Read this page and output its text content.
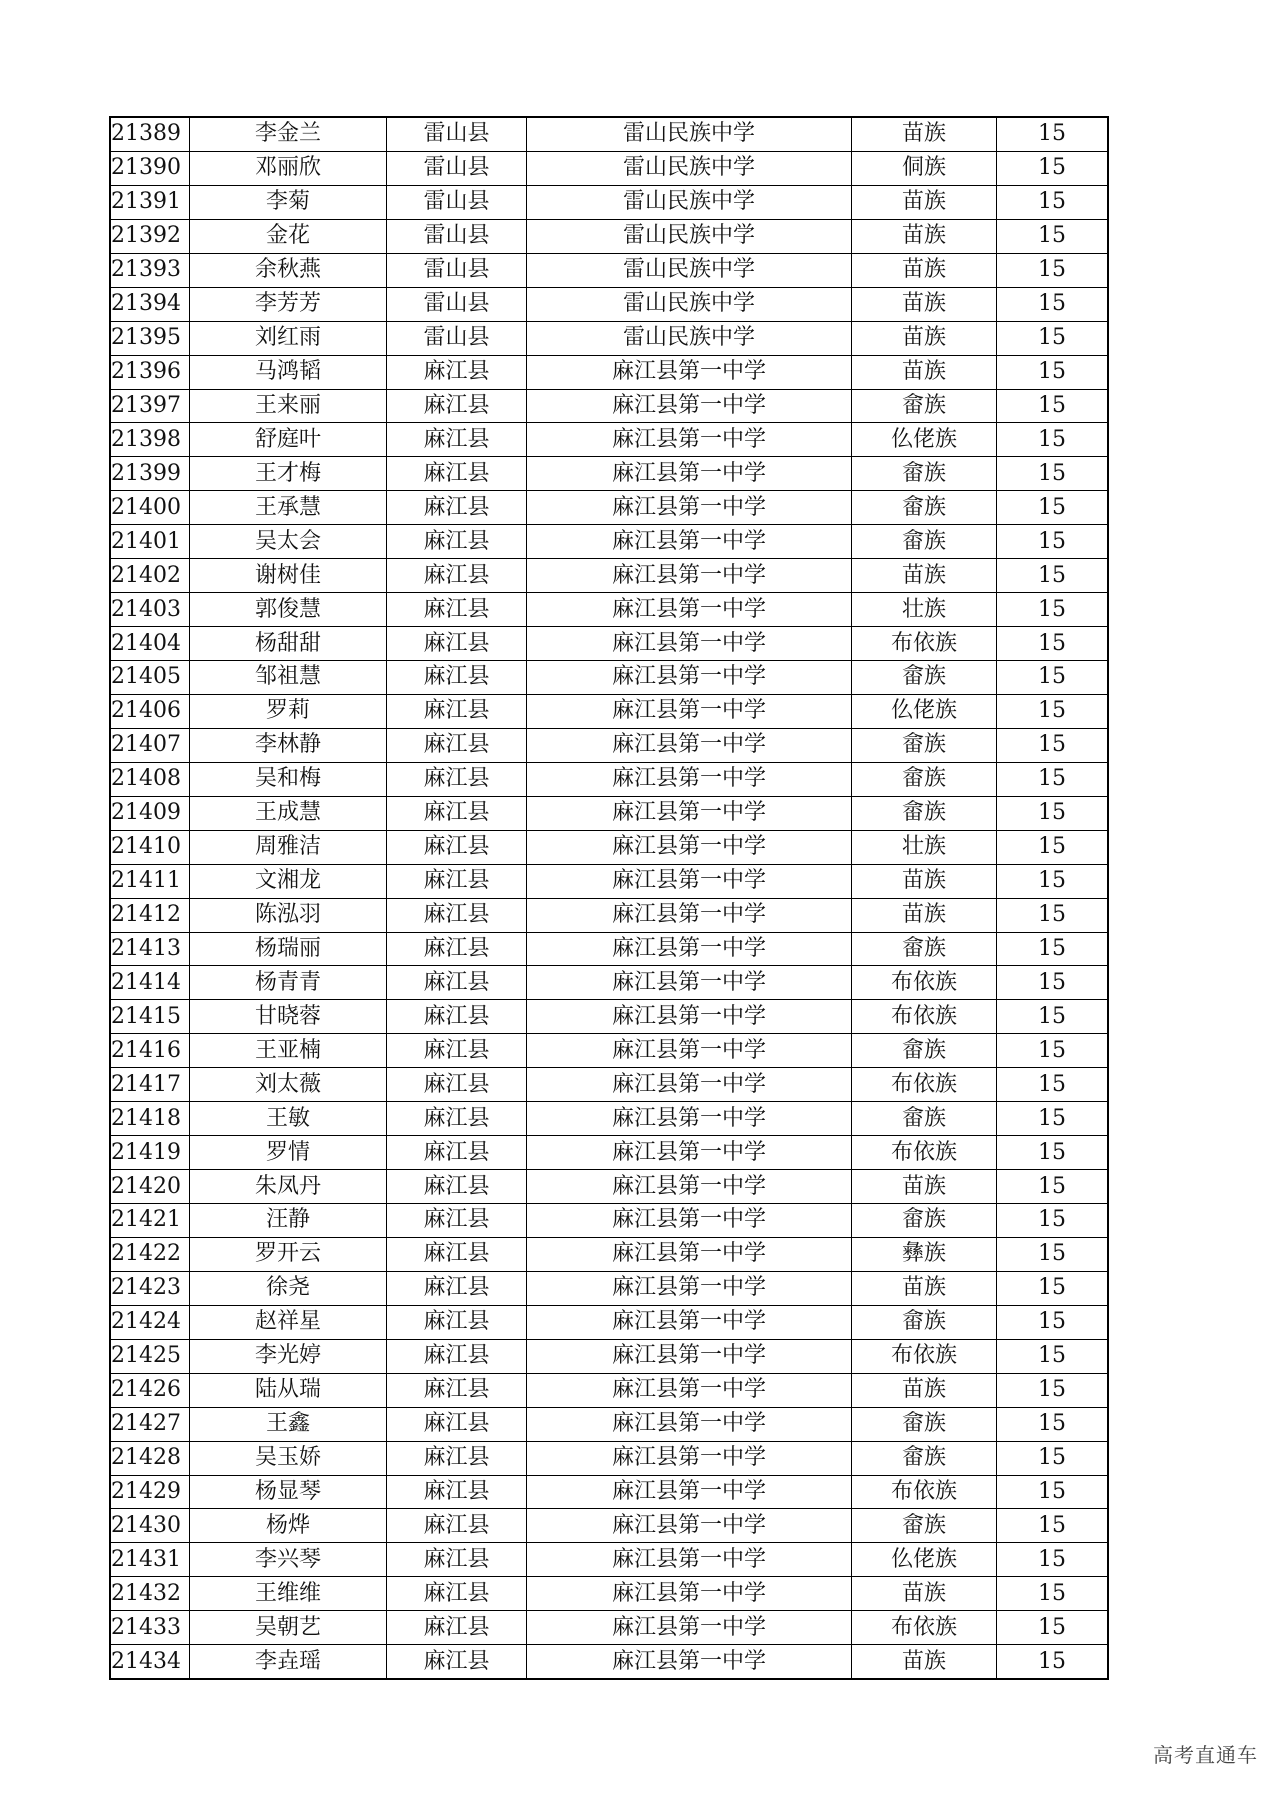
21389	李金兰	雷山县	雷山民族中学	苗族	15
21390	邓丽欣	雷山县	雷山民族中学	侗族	15
21391	李菊	雷山县	雷山民族中学	苗族	15
21392	金花	雷山县	雷山民族中学	苗族	15
21393	余秋燕	雷山县	雷山民族中学	苗族	15
21394	李芳芳	雷山县	雷山民族中学	苗族	15
21395	刘红雨	雷山县	雷山民族中学	苗族	15
21396	马鸿韬	麻江县	麻江县第一中学	苗族	15
21397	王来丽	麻江县	麻江县第一中学	畲族	15
21398	舒庭叶	麻江县	麻江县第一中学	仫佬族	15
21399	王才梅	麻江县	麻江县第一中学	畲族	15
21400	王承慧	麻江县	麻江县第一中学	畲族	15
21401	吴太会	麻江县	麻江县第一中学	畲族	15
21402	谢树佳	麻江县	麻江县第一中学	苗族	15
21403	郭俊慧	麻江县	麻江县第一中学	壮族	15
21404	杨甜甜	麻江县	麻江县第一中学	布依族	15
21405	邹祖慧	麻江县	麻江县第一中学	畲族	15
21406	罗莉	麻江县	麻江县第一中学	仫佬族	15
21407	李林静	麻江县	麻江县第一中学	畲族	15
21408	吴和梅	麻江县	麻江县第一中学	畲族	15
21409	王成慧	麻江县	麻江县第一中学	畲族	15
21410	周雅洁	麻江县	麻江县第一中学	壮族	15
21411	文湘龙	麻江县	麻江县第一中学	苗族	15
21412	陈泓羽	麻江县	麻江县第一中学	苗族	15
21413	杨瑞丽	麻江县	麻江县第一中学	畲族	15
21414	杨青青	麻江县	麻江县第一中学	布依族	15
21415	甘晓蓉	麻江县	麻江县第一中学	布依族	15
21416	王亚楠	麻江县	麻江县第一中学	畲族	15
21417	刘太薇	麻江县	麻江县第一中学	布依族	15
21418	王敏	麻江县	麻江县第一中学	畲族	15
21419	罗情	麻江县	麻江县第一中学	布依族	15
21420	朱凤丹	麻江县	麻江县第一中学	苗族	15
21421	汪静	麻江县	麻江县第一中学	畲族	15
21422	罗开云	麻江县	麻江县第一中学	彝族	15
21423	徐尧	麻江县	麻江县第一中学	苗族	15
21424	赵祥星	麻江县	麻江县第一中学	畲族	15
21425	李光婷	麻江县	麻江县第一中学	布依族	15
21426	陆从瑞	麻江县	麻江县第一中学	苗族	15
21427	王鑫	麻江县	麻江县第一中学	畲族	15
21428	吴玉娇	麻江县	麻江县第一中学	畲族	15
21429	杨显琴	麻江县	麻江县第一中学	布依族	15
21430	杨烨	麻江县	麻江县第一中学	畲族	15
21431	李兴琴	麻江县	麻江县第一中学	仫佬族	15
21432	王维维	麻江县	麻江县第一中学	苗族	15
21433	吴朝艺	麻江县	麻江县第一中学	布依族	15
21434	李垚瑶	麻江县	麻江县第一中学	苗族	15
高考直通车
